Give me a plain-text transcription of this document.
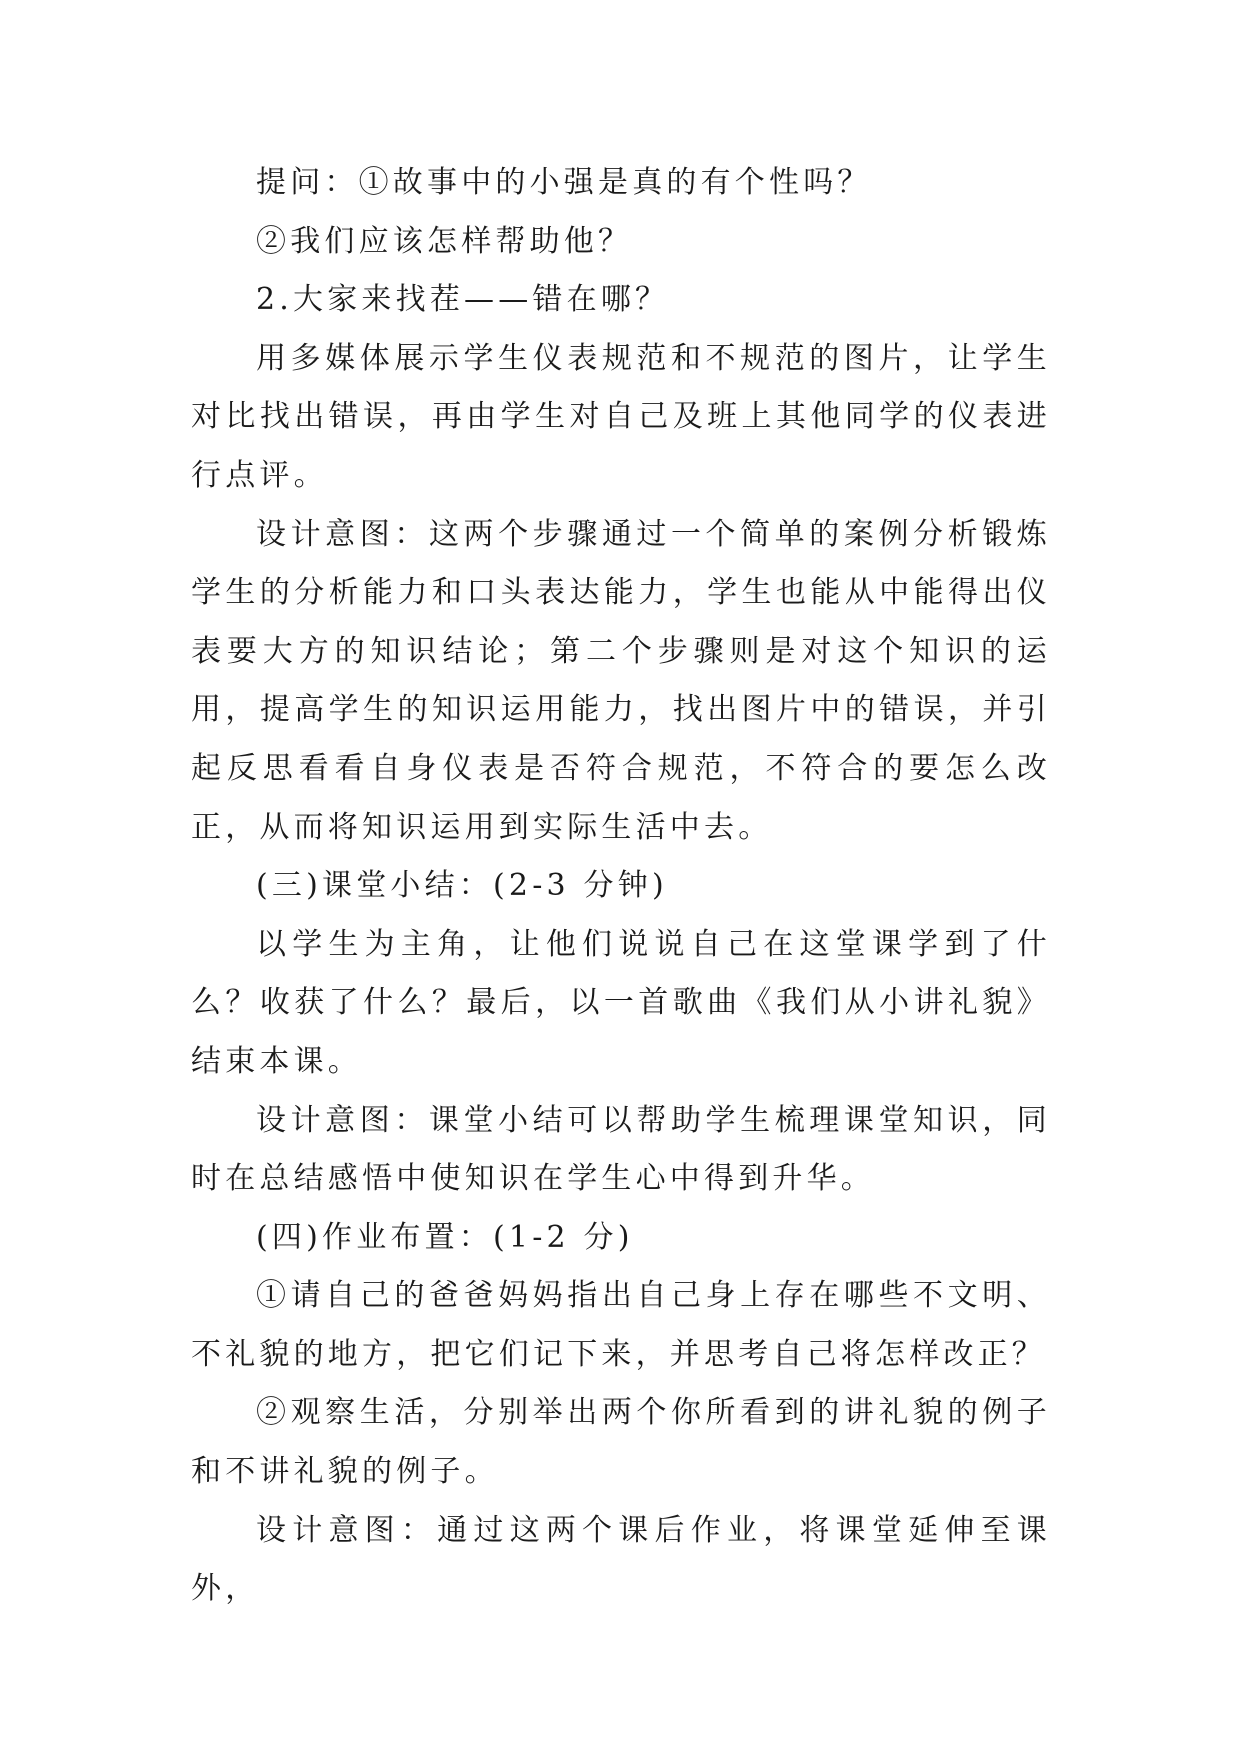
提问：①故事中的小强是真的有个性吗？

②我们应该怎样帮助他？

2.大家来找茬——错在哪？

用多媒体展示学生仪表规范和不规范的图片，让学生对比找出错误，再由学生对自己及班上其他同学的仪表进行点评。

设计意图：这两个步骤通过一个简单的案例分析锻炼学生的分析能力和口头表达能力，学生也能从中能得出仪表要大方的知识结论；第二个步骤则是对这个知识的运用，提高学生的知识运用能力，找出图片中的错误，并引起反思看看自身仪表是否符合规范，不符合的要怎么改正，从而将知识运用到实际生活中去。

(三)课堂小结：(2-3 分钟)

以学生为主角，让他们说说自己在这堂课学到了什么？收获了什么？最后，以一首歌曲《我们从小讲礼貌》结束本课。

设计意图：课堂小结可以帮助学生梳理课堂知识，同时在总结感悟中使知识在学生心中得到升华。

(四)作业布置：(1-2 分)

①请自己的爸爸妈妈指出自己身上存在哪些不文明、不礼貌的地方，把它们记下来，并思考自己将怎样改正？

②观察生活，分别举出两个你所看到的讲礼貌的例子和不讲礼貌的例子。

设计意图：通过这两个课后作业，将课堂延伸至课外，
